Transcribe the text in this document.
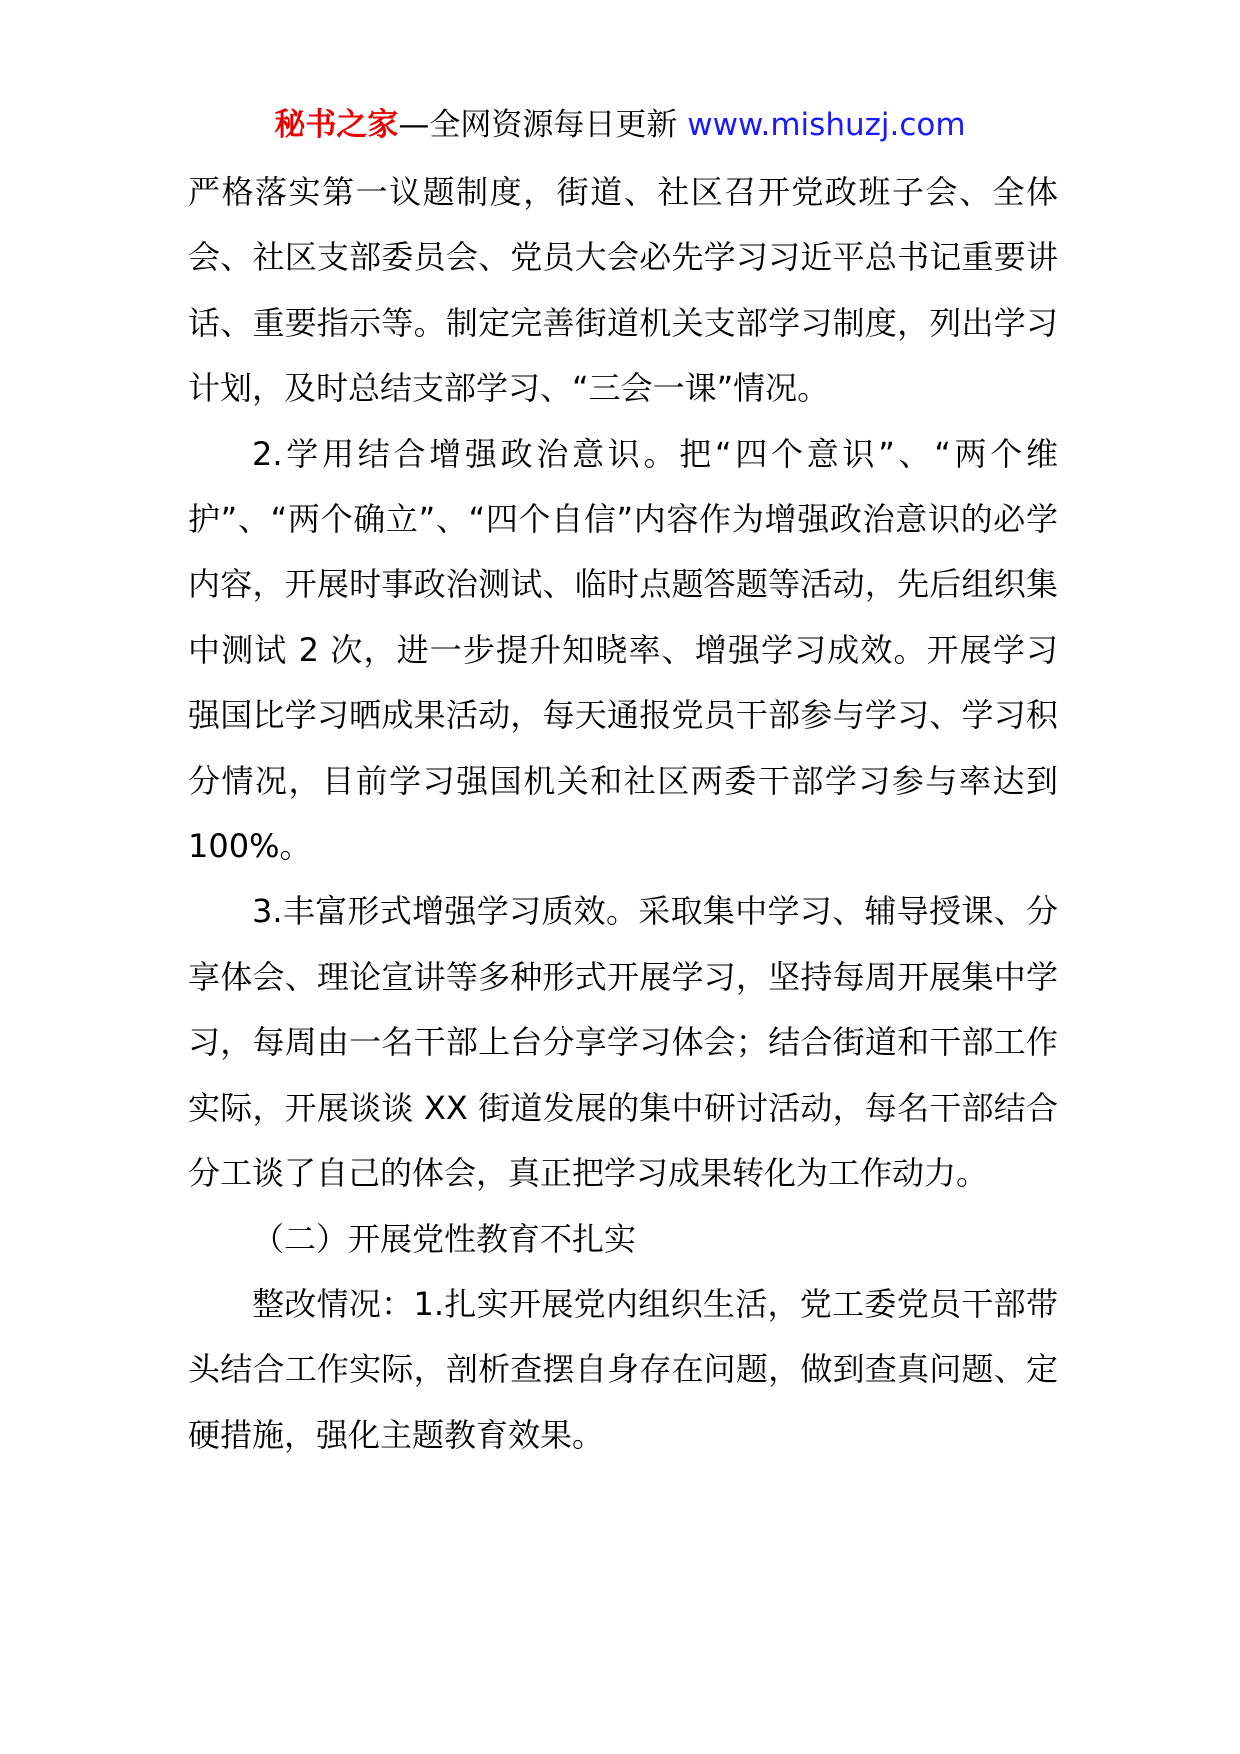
秘书之家—全网资源每日更新 www.mishuzj.com

严格落实第一议题制度，街道、社区召开党政班子会、全体会、社区支部委员会、党员大会必先学习习近平总书记重要讲话、重要指示等。制定完善街道机关支部学习制度，列出学习计划，及时总结支部学习、“三会一课”情况。

2.学用结合增强政治意识。把“四个意识”、“两个维护”、“两个确立”、“四个自信”内容作为增强政治意识的必学内容，开展时事政治测试、临时点题答题等活动，先后组织集中测试 2 次，进一步提升知晓率、增强学习成效。开展学习强国比学习晒成果活动，每天通报党员干部参与学习、学习积分情况，目前学习强国机关和社区两委干部学习参与率达到 100%。

3.丰富形式增强学习质效。采取集中学习、辅导授课、分享体会、理论宣讲等多种形式开展学习，坚持每周开展集中学习，每周由一名干部上台分享学习体会；结合街道和干部工作实际，开展谈谈 XX 街道发展的集中研讨活动，每名干部结合分工谈了自己的体会，真正把学习成果转化为工作动力。

（二）开展党性教育不扎实

整改情况：1.扎实开展党内组织生活，党工委党员干部带头结合工作实际，剖析查摆自身存在问题，做到查真问题、定硬措施，强化主题教育效果。
